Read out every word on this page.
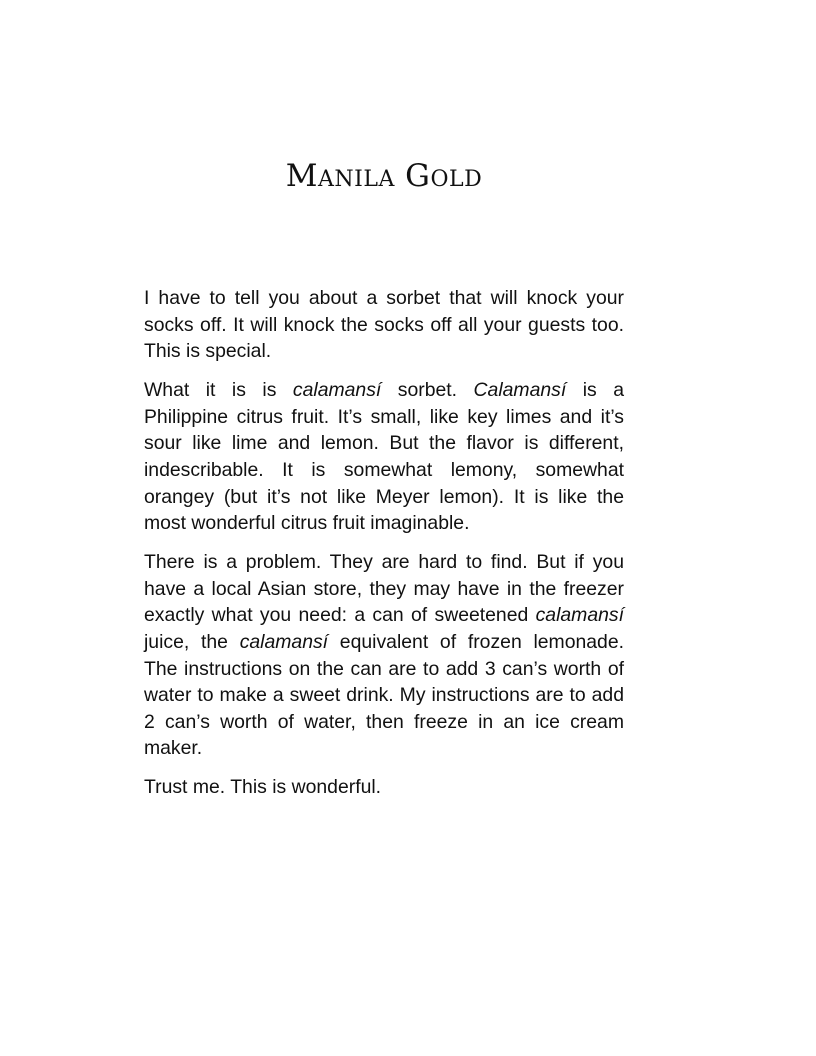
Manila Gold

I have to tell you about a sorbet that will knock your socks off. It will knock the socks off all your guests too. This is special.

What it is is calamansí sorbet. Calamansí is a Philippine citrus fruit. It’s small, like key limes and it’s sour like lime and lemon. But the flavor is different, indescribable. It is somewhat lemony, somewhat orangey (but it’s not like Meyer lemon). It is like the most wonderful citrus fruit imaginable.

There is a problem. They are hard to find. But if you have a local Asian store, they may have in the freezer exactly what you need: a can of sweetened calamansí juice, the calamansí equivalent of frozen lemonade. The instructions on the can are to add 3 can’s worth of water to make a sweet drink. My instructions are to add 2 can’s worth of water, then freeze in an ice cream maker.

Trust me. This is wonderful.
